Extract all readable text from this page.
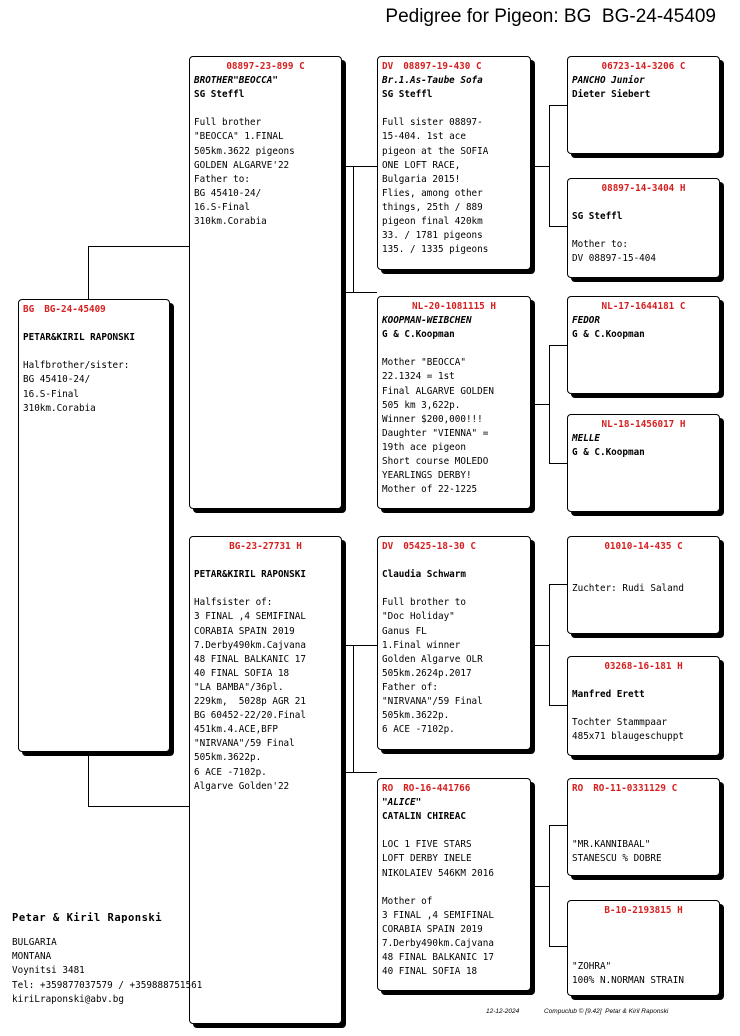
Pedigree for Pigeon: BG  BG-24-45409
BG BG-24-45409
PETAR&KIRIL RAPONSKI
Halfbrother/sister:
BG 45410-24/
16.S-Final
310km.Corabia
08897-23-899 C
BROTHER"BEOCCA"
SG Steffl
Full brother
"BEOCCA" 1.FINAL
505km.3622 pigeons
GOLDEN ALGARVE'22
Father to:
BG 45410-24/
16.S-Final
310km.Corabia
BG-23-27731 H
PETAR&KIRIL RAPONSKI
Halfsister of:
3 FINAL ,4 SEMIFINAL
CORABIA SPAIN 2019
7.Derby490km.Cajvana
48 FINAL BALKANIC 17
40 FINAL SOFIA 18
"LA BAMBA"/36pl.
229km,  5028p AGR 21
BG 60452-22/20.Final
451km.4.ACE,BFP
"NIRVANA"/59 Final
505km.3622p.
6 ACE -7102p.
Algarve Golden'22
DV 08897-19-430 C
Br.1.As-Taube Sofa
SG Steffl
Full sister 08897-
15-404. 1st ace
pigeon at the SOFIA
ONE LOFT RACE,
Bulgaria 2015!
Flies, among other
things, 25th / 889
pigeon final 420km
33. / 1781 pigeons
135. / 1335 pigeons
NL-20-1081115 H
KOOPMAN-WEIBCHEN
G & C.Koopman
Mother "BEOCCA"
22.1324 = 1st
Final ALGARVE GOLDEN
505 km 3,622p.
Winner $200,000!!!
Daughter "VIENNA" =
19th ace pigeon
Short course MOLEDO
YEARLINGS DERBY!
Mother of 22-1225
DV 05425-18-30 C
Claudia Schwarm
Full brother to
"Doc Holiday"
Ganus FL
1.Final winner
Golden Algarve OLR
505km.2624p.2017
Father of:
"NIRVANA"/59 Final
505km.3622p.
6 ACE -7102p.
RO RO-16-441766
"ALICE"
CATALIN CHIREAC
LOC 1 FIVE STARS
LOFT DERBY INELE
NIKOLAIEV 546KM 2016

Mother of
3 FINAL ,4 SEMIFINAL
CORABIA SPAIN 2019
7.Derby490km.Cajvana
48 FINAL BALKANIC 17
40 FINAL SOFIA 18
06723-14-3206 C
PANCHO Junior
Dieter Siebert
08897-14-3404 H
SG Steffl
Mother to:
DV 08897-15-404
NL-17-1644181 C
FEDOR
G & C.Koopman
NL-18-1456017 H
MELLE
G & C.Koopman
01010-14-435 C
Zuchter: Rudi Saland
03268-16-181 H
Manfred Erett
Tochter Stammpaar
485x71 blaugeschuppt
RO RO-11-0331129 C
"MR.KANNIBAAL"
STANESCU % DOBRE
B-10-2193815 H
"ZOHRA"
100% N.NORMAN STRAIN
Petar & Kiril Raponski
BULGARIA
MONTANA
Voynitsi 3481
Tel: +359877037579 / +359888751561
kiriLraponski@abv.bg
12-12-2024	Compuclub © [9.42]  Petar & Kiril Raponski
